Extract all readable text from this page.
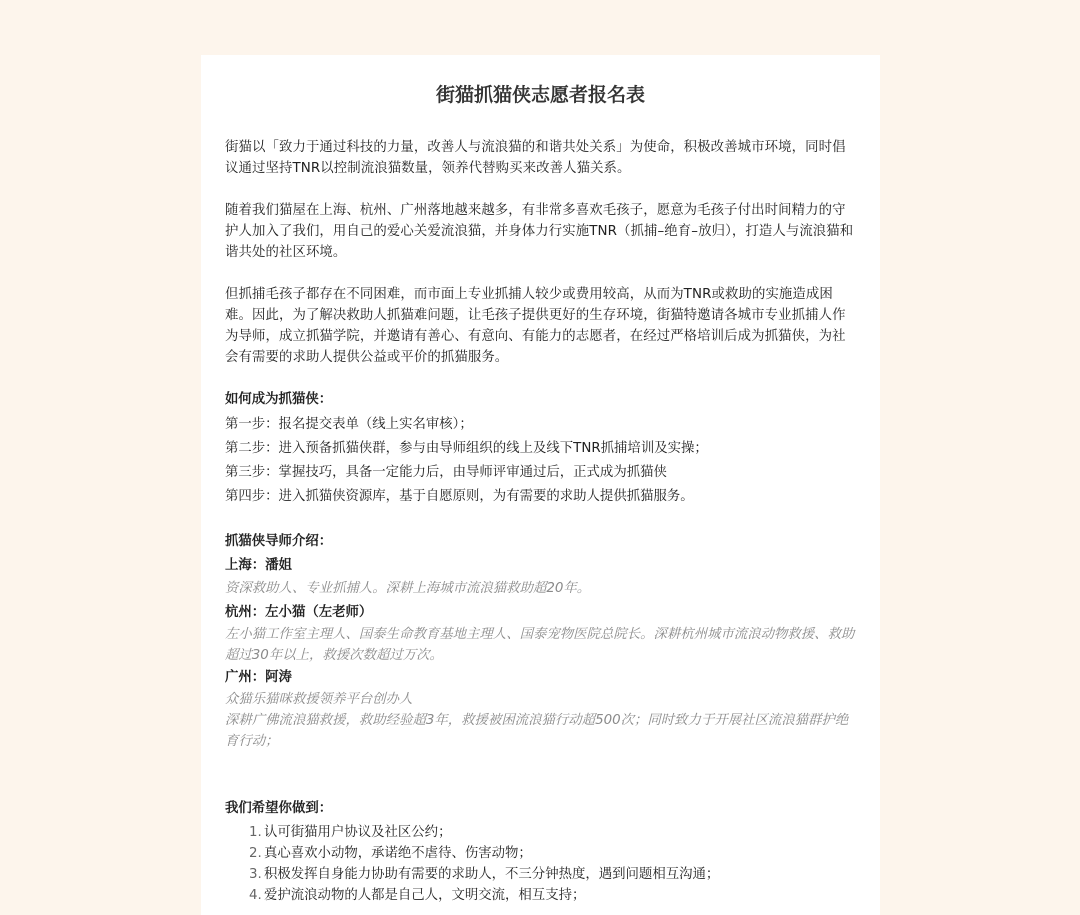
街猫抓猫侠志愿者报名表

街猫以「致力于通过科技的力量，改善人与流浪猫的和谐共处关系」为使命，积极改善城市环境，同时倡议通过坚持TNR以控制流浪猫数量，领养代替购买来改善人猫关系。

随着我们猫屋在上海、杭州、广州落地越来越多，有非常多喜欢毛孩子，愿意为毛孩子付出时间精力的守护人加入了我们，用自己的爱心关爱流浪猫，并身体力行实施TNR（抓捕–绝育–放归），打造人与流浪猫和谐共处的社区环境。

但抓捕毛孩子都存在不同困难，而市面上专业抓捕人较少或费用较高，从而为TNR或救助的实施造成困难。因此，为了解决救助人抓猫难问题，让毛孩子提供更好的生存环境，街猫特邀请各城市专业抓捕人作为导师，成立抓猫学院，并邀请有善心、有意向、有能力的志愿者，在经过严格培训后成为抓猫侠，为社会有需要的求助人提供公益或平价的抓猫服务。

如何成为抓猫侠：
第一步：报名提交表单（线上实名审核）；
第二步：进入预备抓猫侠群，参与由导师组织的线上及线下TNR抓捕培训及实操；
第三步：掌握技巧，具备一定能力后，由导师评审通过后，正式成为抓猫侠
第四步：进入抓猫侠资源库，基于自愿原则，为有需要的求助人提供抓猫服务。
抓猫侠导师介绍：
上海：潘姐
资深救助人、专业抓捕人。深耕上海城市流浪猫救助超20年。
杭州：左小猫（左老师）
左小猫工作室主理人、国泰生命教育基地主理人、国泰宠物医院总院长。深耕杭州城市流浪动物救援、救助超过30年以上，救援次数超过万次。
广州：阿涛
众猫乐猫咪救援领养平台创办人
深耕广佛流浪猫救援，救助经验超3年，救援被困流浪猫行动超500次；同时致力于开展社区流浪猫群护绝育行动；
我们希望你做到：
1. 认可街猫用户协议及社区公约；
2. 真心喜欢小动物，承诺绝不虐待、伤害动物；
3. 积极发挥自身能力协助有需要的求助人，不三分钟热度，遇到问题相互沟通；
4. 爱护流浪动物的人都是自己人，文明交流，相互支持；
